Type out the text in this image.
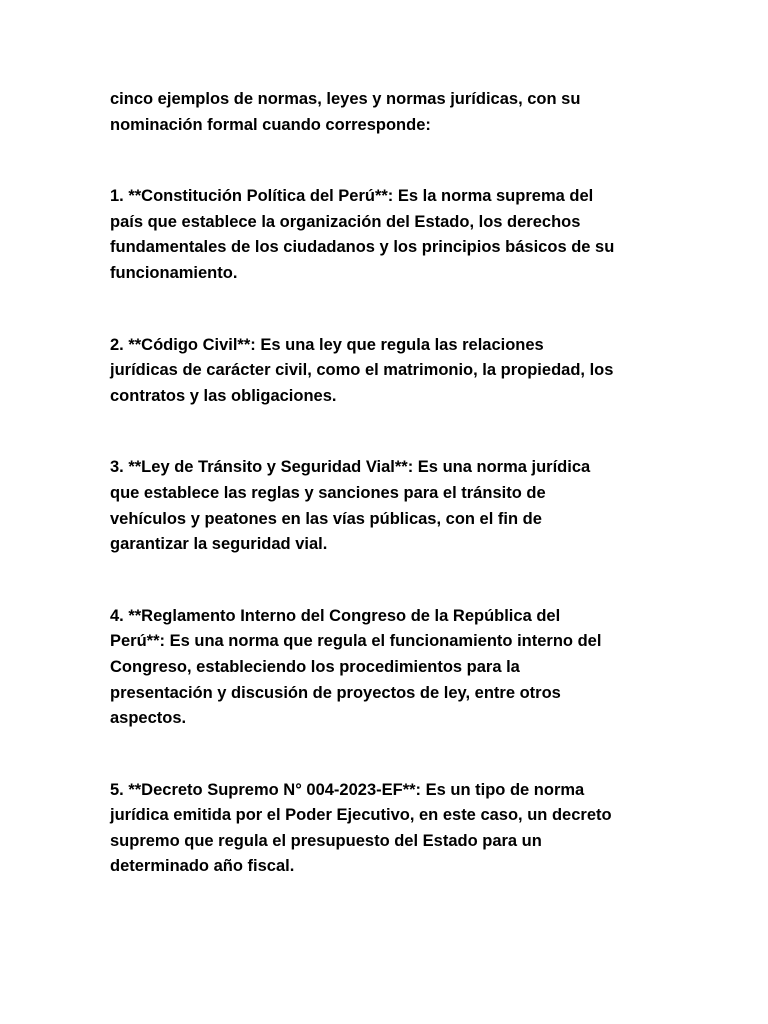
cinco ejemplos de normas, leyes y normas jurídicas, con su
nominación formal cuando corresponde:

1. **Constitución Política del Perú**: Es la norma suprema del
país que establece la organización del Estado, los derechos
fundamentales de los ciudadanos y los principios básicos de su
funcionamiento.

2. **Código Civil**: Es una ley que regula las relaciones
jurídicas de carácter civil, como el matrimonio, la propiedad, los
contratos y las obligaciones.

3. **Ley de Tránsito y Seguridad Vial**: Es una norma jurídica
que establece las reglas y sanciones para el tránsito de
vehículos y peatones en las vías públicas, con el fin de
garantizar la seguridad vial.

4. **Reglamento Interno del Congreso de la República del
Perú**: Es una norma que regula el funcionamiento interno del
Congreso, estableciendo los procedimientos para la
presentación y discusión de proyectos de ley, entre otros
aspectos.

5. **Decreto Supremo N° 004-2023-EF**: Es un tipo de norma
jurídica emitida por el Poder Ejecutivo, en este caso, un decreto
supremo que regula el presupuesto del Estado para un
determinado año fiscal.
